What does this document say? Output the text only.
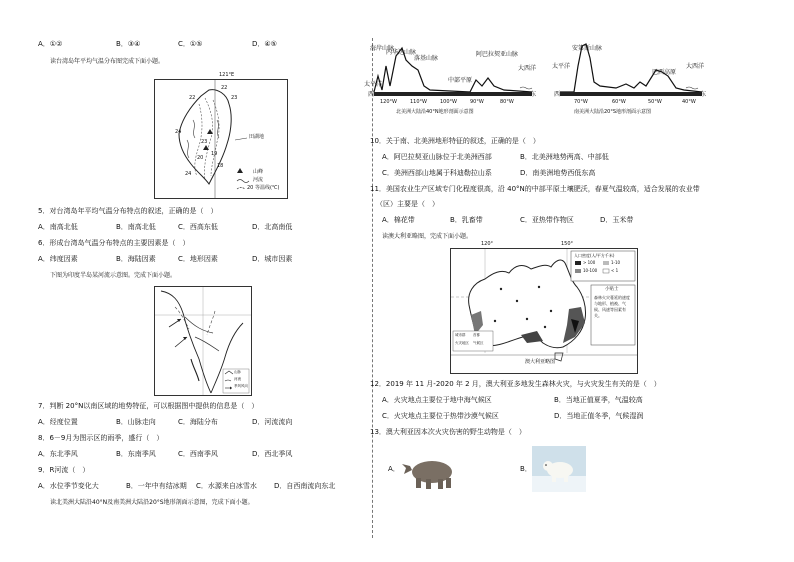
A．①②	B．③④	C．①⑤	D．④⑤
读台湾岛年平均气温分布图完成下面小题。
121°E
22
23
22
24
23
19
20
18
24
田湖地
山峰
河流
20 等温线(℃)
5．对台湾岛年平均气温分布特点的叙述，正确的是（　）
A．南高北低	B．南高北低	C．西高东低	D．北高南低
6．形成台湾岛气温分布特点的主要因素是（　）
A．纬度因素	B．海陆因素	C．地形因素	D．城市因素
下图为印度半岛某河流示意图。完成下面小题。
山脉
河流
季风风向
7．判断 20°N以南区域的地势特征，可以根据图中提供的信息是（　）
A．经度位置	B．山脉走向	C．海陆分布	D．河流流向
8．6－9月为图示区的雨季，盛行（　）
A．东北季风	B．东南季风	C．西南季风	D．西北季风
9．R河流（　）
A．水位季节变化大	B．一年中有结冰期 C．水源来自冰雪水 D．自西南流向东北
读北美洲大陆沿40°N及南美洲大陆沿20°S地形剖面示意图，完成下面小题。
海岸山脉
内华达山脉
落基山脉
中部平原
阿巴拉契亚山脉
大西洋
太平洋
西	东
120°W	110°W	100°W	90°W	80°W
北美洲大陆沿40°N地形剖面示意图
安第斯山脉
太平洋
巴西高原
大西洋
西	东
70°W	60°W	50°W	40°W
南美洲大陆沿20°S地形剖面示意图
10．关于南、北美洲地形特征的叙述，正确的是（　）
A．阿巴拉契亚山脉位于北美洲西部	B．北美洲地势两高、中部低
C．美洲西部山地属于科迪勒拉山系	D．南美洲地势西低东高
11．美国农业生产区域专门化程度很高，沿 40°N的中部平原土壤肥沃，春夏气温较高，适合发展的农业带
（区）主要是（　）
A．棉花带	B．乳畜带	C．亚热带作物区	D．玉米带
读澳大利亚略图，完成下面小题。
120°	150°
人口密度(人/平方千米)
> 100	1-10
10-100	< 1
小贴士
森林火灾蔓延的速度与地形、植被、气候、风速等因素有关。
城市群 首都
火灾地区 气候区
澳大利亚略图
12．2019 年 11 月-2020 年 2 月，澳大利亚多地发生森林火灾，与火灾发生有关的是（　）
A．火灾地点主要位于地中海气候区	B．当地正值夏季，气温较高
C．火灾地点主要位于热带沙漠气候区	D．当地正值冬季，气候湿润
13．澳大利亚因本次火灾伤害的野生动物是（　）
A．	B．
